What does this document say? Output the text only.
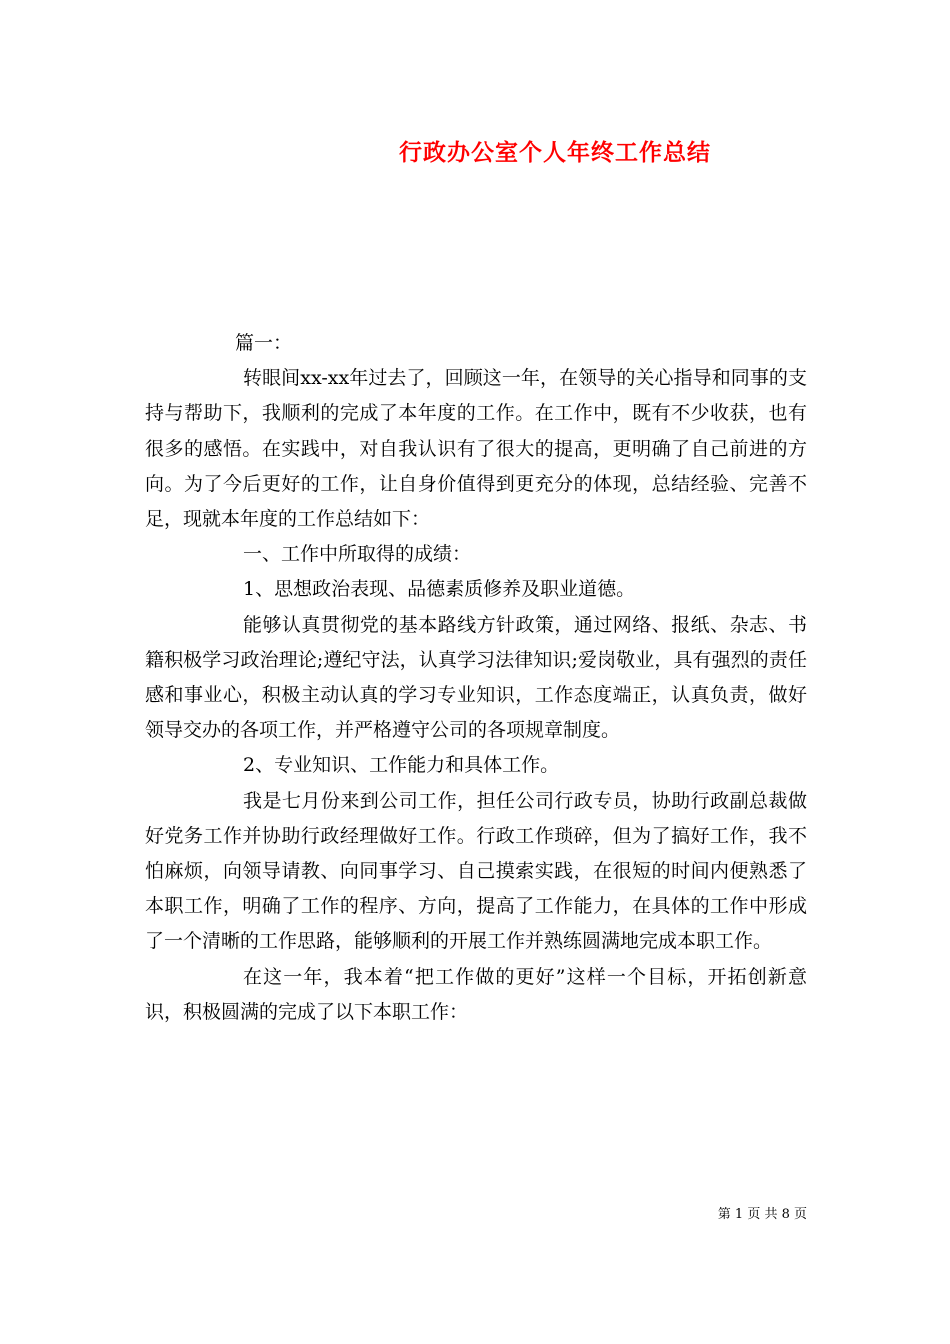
行政办公室个人年终工作总结

篇一：

转眼间xx-xx年过去了，回顾这一年，在领导的关心指导和同事的支持与帮助下，我顺利的完成了本年度的工作。在工作中，既有不少收获，也有很多的感悟。在实践中，对自我认识有了很大的提高，更明确了自己前进的方向。为了今后更好的工作，让自身价值得到更充分的体现，总结经验、完善不足，现就本年度的工作总结如下：

一、工作中所取得的成绩：

1、思想政治表现、品德素质修养及职业道德。

能够认真贯彻党的基本路线方针政策，通过网络、报纸、杂志、书籍积极学习政治理论;遵纪守法，认真学习法律知识;爱岗敬业，具有强烈的责任感和事业心，积极主动认真的学习专业知识，工作态度端正，认真负责，做好领导交办的各项工作，并严格遵守公司的各项规章制度。

2、专业知识、工作能力和具体工作。

我是七月份来到公司工作，担任公司行政专员，协助行政副总裁做好党务工作并协助行政经理做好工作。行政工作琐碎，但为了搞好工作，我不怕麻烦，向领导请教、向同事学习、自己摸索实践，在很短的时间内便熟悉了本职工作，明确了工作的程序、方向，提高了工作能力，在具体的工作中形成了一个清晰的工作思路，能够顺利的开展工作并熟练圆满地完成本职工作。

在这一年，我本着“把工作做的更好”这样一个目标，开拓创新意识，积极圆满的完成了以下本职工作：

第 1 页 共 8 页
